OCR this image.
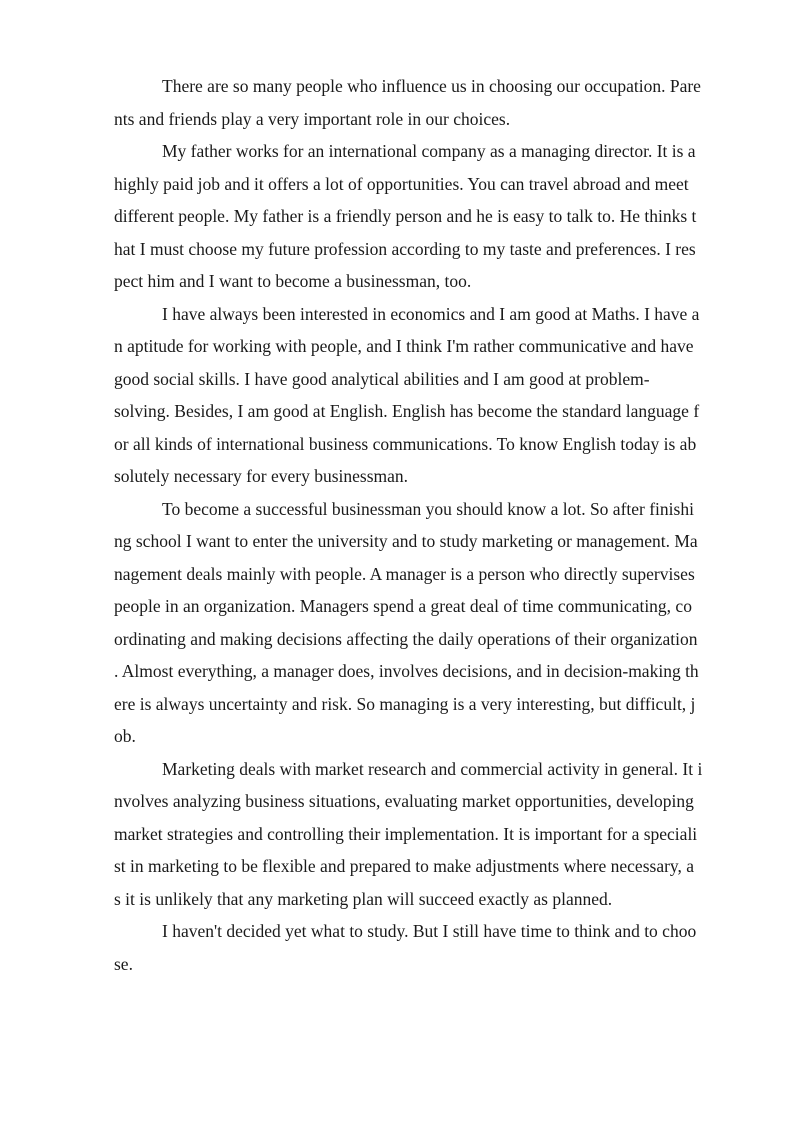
There are so many people who influence us in choosing our occupation. Pare
nts and friends play a very important role in our choices.
My father works for an international company as a managing director. It is a
highly paid job and it offers a lot of opportunities. You can travel abroad and meet
different people. My father is a friendly person and he is easy to talk to. He thinks t
hat I must choose my future profession according to my taste and preferences. I res
pect him and I want to become a businessman, too.
I have always been interested in economics and I am good at Maths. I have a
n aptitude for working with people, and I think I'm rather communicative and have
good social skills. I have good analytical abilities and I am good at problem-
solving. Besides, I am good at English. English has become the standard language f
or all kinds of international business communications. To know English today is ab
solutely necessary for every businessman.
To become a successful businessman you should know a lot. So after finishi
ng school I want to enter the university and to study marketing or management. Ma
nagement deals mainly with people. A manager is a person who directly supervises
people in an organization. Managers spend a great deal of time communicating, co
ordinating and making decisions affecting the daily operations of their organization
. Almost everything, a manager does, involves decisions, and in decision-making th
ere is always uncertainty and risk. So managing is a very interesting, but difficult, j
ob.
Marketing deals with market research and commercial activity in general. It i
nvolves analyzing business situations, evaluating market opportunities, developing
market strategies and controlling their implementation. It is important for a speciali
st in marketing to be flexible and prepared to make adjustments where necessary, a
s it is unlikely that any marketing plan will succeed exactly as planned.
I haven't decided yet what to study. But I still have time to think and to choo
se.
